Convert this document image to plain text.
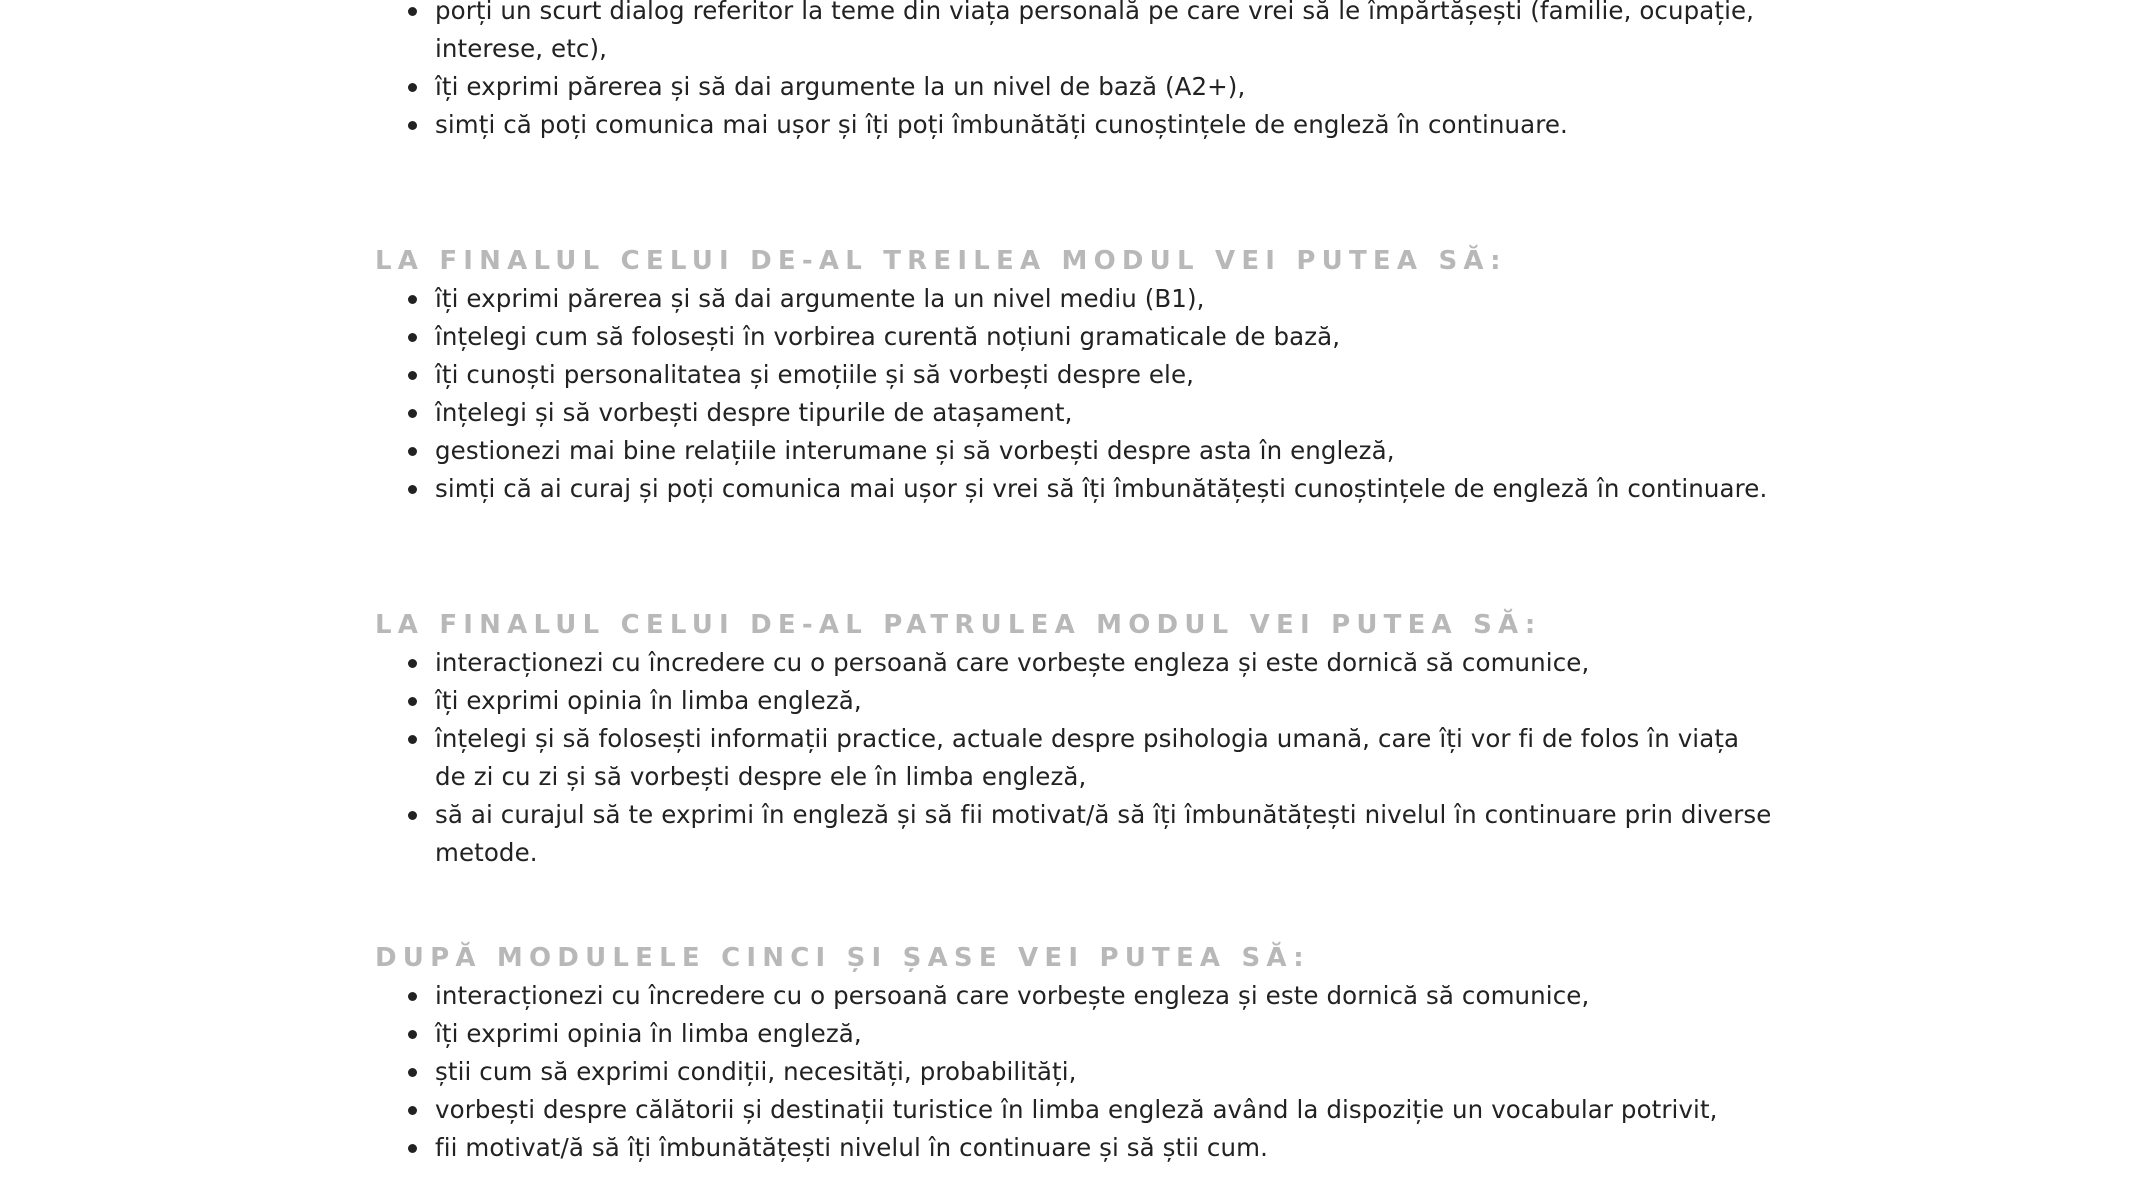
porți un scurt dialog referitor la teme din viața personală pe care vrei să le împărtășești (familie, ocupație, interese, etc),
îți exprimi părerea și să dai argumente la un nivel de bază (A2+),
simți că poți comunica mai ușor și îți poți îmbunătăți cunoștințele de engleză în continuare.
LA FINALUL CELUI DE-AL TREILEA MODUL VEI PUTEA SĂ:
îți exprimi părerea și să dai argumente la un nivel mediu (B1),
înțelegi cum să folosești în vorbirea curentă noțiuni gramaticale de bază,
îți cunoști personalitatea și emoțiile și să vorbești despre ele,
înțelegi și să vorbești despre tipurile de atașament,
gestionezi mai bine relațiile interumane și să vorbești despre asta în engleză,
simți că ai curaj și poți comunica mai ușor și vrei să îți îmbunătățești cunoștințele de engleză în continuare.
LA FINALUL CELUI DE-AL PATRULEA MODUL VEI PUTEA SĂ:
interacționezi cu încredere cu o persoană care vorbește engleza și este dornică să comunice,
îți exprimi opinia în limba engleză,
înțelegi și să folosești informații practice, actuale despre psihologia umană, care îți vor fi de folos în viața de zi cu zi și să vorbești despre ele în limba engleză,
să ai curajul să te exprimi în engleză și să fii motivat/ă să îți îmbunătățești nivelul în continuare prin diverse metode.
DUPĂ MODULELE CINCI ȘI ȘASE VEI PUTEA SĂ:
interacționezi cu încredere cu o persoană care vorbește engleza și este dornică să comunice,
îți exprimi opinia în limba engleză,
știi cum să exprimi condiții, necesități, probabilități,
vorbești despre călătorii și destinații turistice în limba engleză având la dispoziție un vocabular potrivit,
fii motivat/ă să îți îmbunătățești nivelul în continuare și să știi cum.
